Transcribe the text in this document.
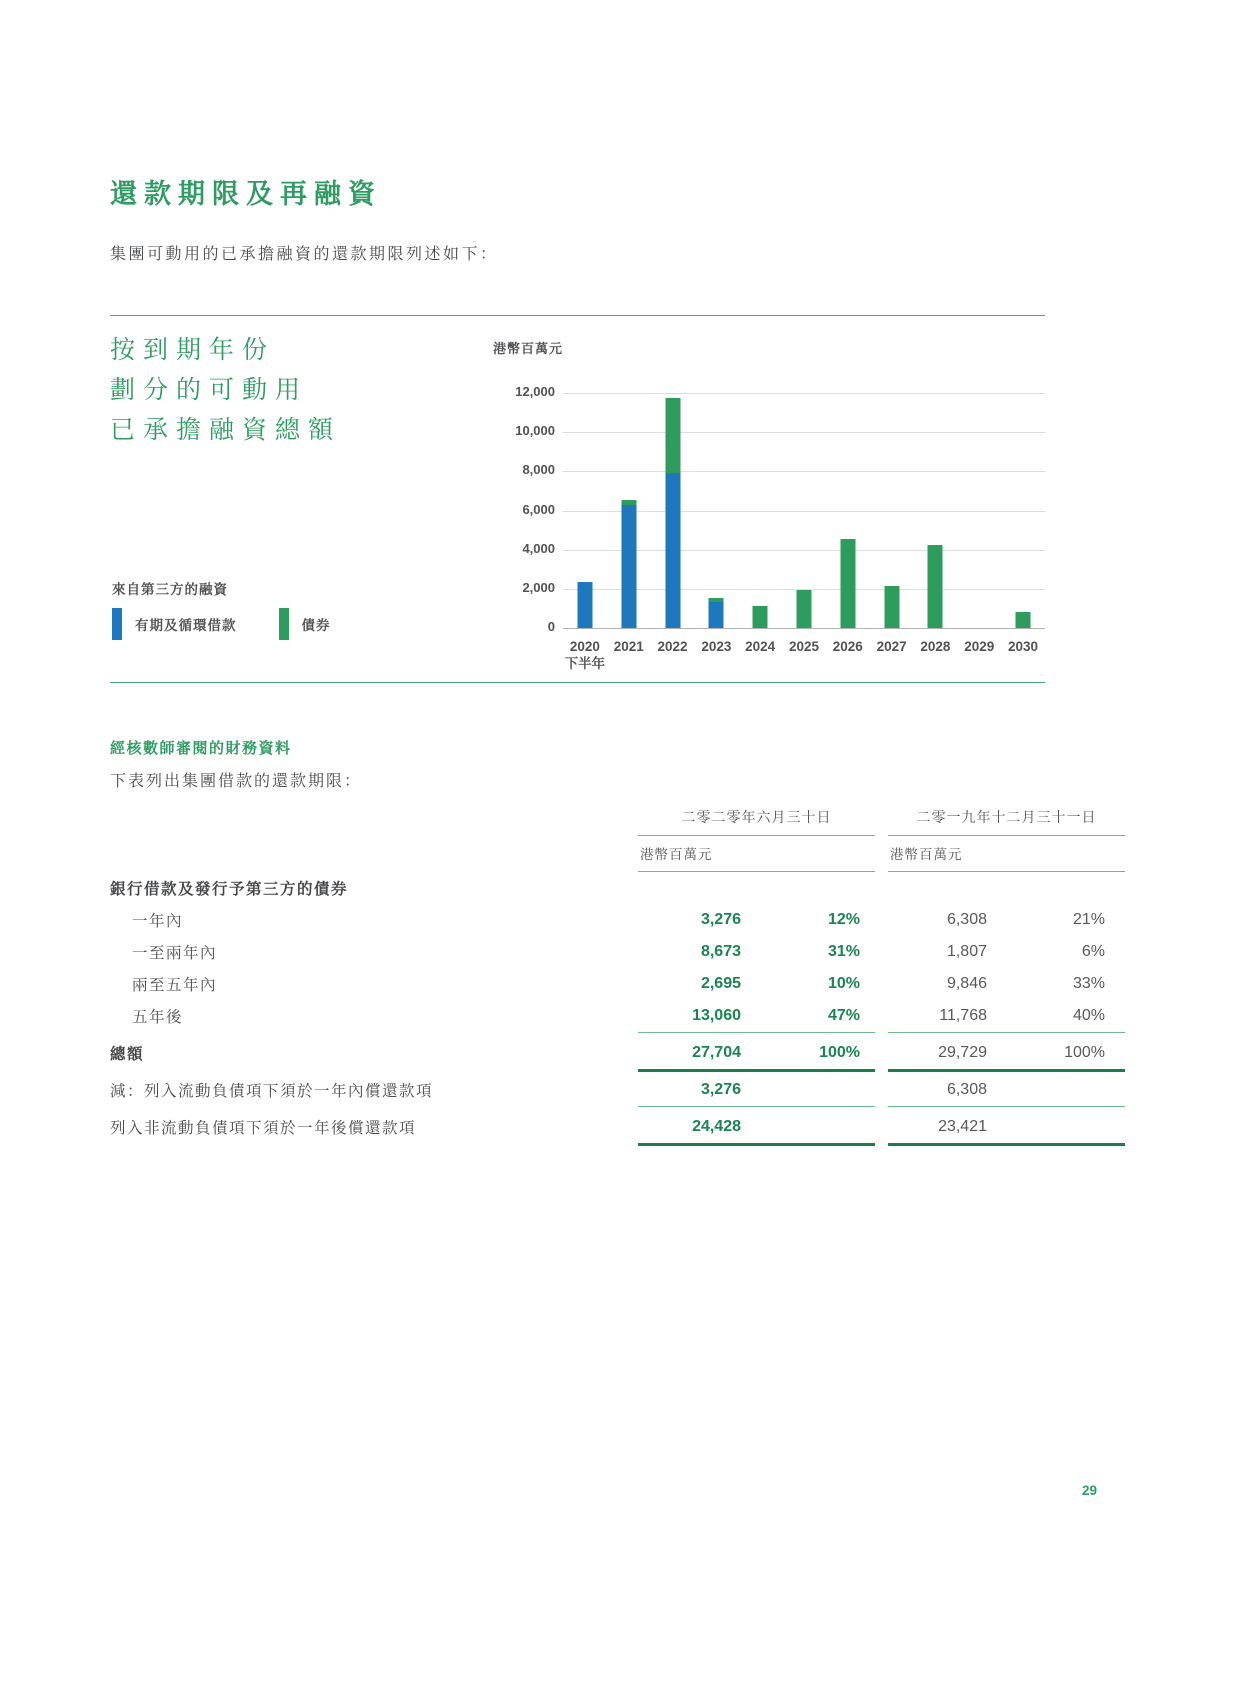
還款期限及再融資
集團可動用的已承擔融資的還款期限列述如下：
按到期年份
劃分的可動用
已承擔融資總額
港幣百萬元
2020
下半年
2021	2022	2023	2024	2025	2026	2027	2028	2029	2030
來自第三方的融資
有期及循環借款	債券	0
2,000
4,000
6,000
8,000
10,000
12,000
經核數師審閱的財務資料
下表列出集團借款的還款期限：
二零二零年六月三十日	二零一九年十二月三十一日
港幣百萬元	港幣百萬元
銀行借款及發行予第三方的債券
一年內	3,276	12%	6,308	21%
一至兩年內	8,673	31%	1,807	6%
兩至五年內	2,695	10%	9,846	33%
五年後	13,060	47%	11,768	40%
總額	27,704	100%	29,729	100%
減：列入流動負債項下須於一年內償還款項	3,276	6,308
列入非流動負債項下須於一年後償還款項	24,428	23,421
29
